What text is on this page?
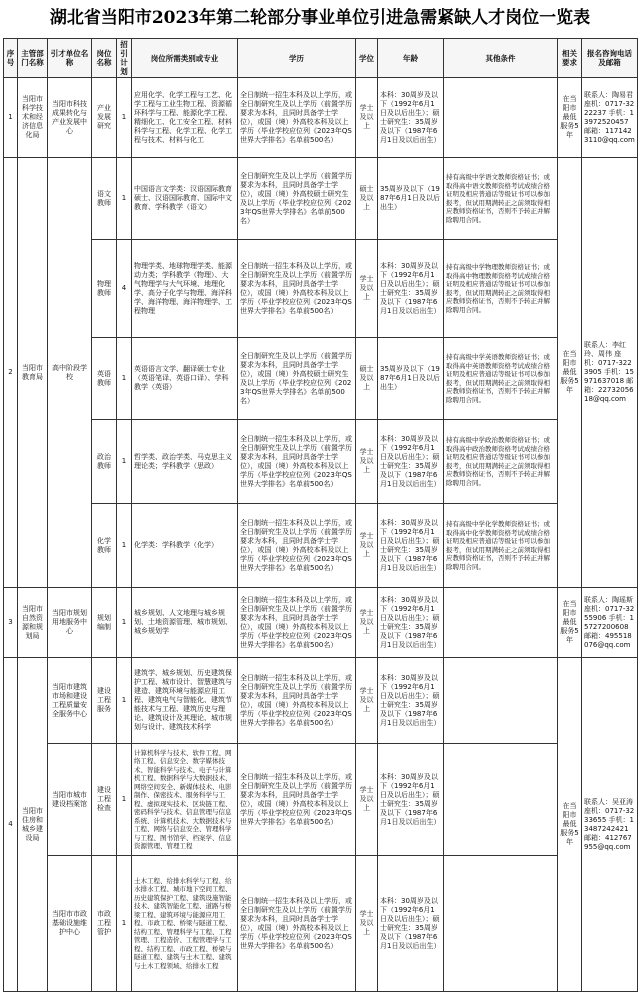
湖北省当阳市2023年第二轮部分事业单位引进急需紧缺人才岗位一览表
序号	主管部门名称	引才单位名称	岗位名称	招引计划	岗位所需类别或专业	学历	学位	年龄	其他条件	相关要求	报名咨询电话及邮箱
1	当阳市科学技术和经济信息化局	当阳市科技成果转化与产业发展中心	产业发展研究	1	应用化学、化学工程与工艺、化学工程与工业生物工程、资源循环科学与工程、能源化学工程、精细化工、化工安全工程、材料科学与工程、化学工程、化学工程与技术、材料与化工	全日制统一招生本科及以上学历，或全日制研究生及以上学历（前置学历要求为本科，且同时具备学士学位），或国（境）外高校本科及以上学历（毕业学校应位列《2023年QS世界大学排名》名单前500名）	学士及以上	本科：30周岁及以下（1992年6月1日及以后出生）；硕士研究生：35周岁及以下（1987年6月1日及以后出生）		在当阳市最低服务5年	联系人：陶易君 座机：0717-3222237 手机：13972520457 邮箱：1171423110@qq.com
2	当阳市教育局	高中阶段学校	语文教师	1	中国语言文学类：汉语国际教育硕士、汉语国际教育、国际中文教育、学科教学（语文）	全日制研究生及以上学历（前置学历要求为本科，且同时具备学士学位），或国（境）外高校硕士研究生及以上学历（毕业学校应位列《2023年QS世界大学排名》名单前500名）	硕士及以上	35周岁及以下（1987年6月1日及以后出生）	持有高级中学语文教师资格证书；或取得高中语文教师资格考试成绩合格证明及相应普通话等级证书可以参加报考，但试用期满转正之前须取得相应教师资格证书，否则不予转正并解除聘用合同。	在当阳市最低服务5年	联系人：李红玲、周伟 座机：0717-3223905 手机：15971637018 邮箱：2273205618@qq.com
			物理教师	4	物理学类、地球物理学类、能源动力类；学科教学（物理）、大气物理学与大气环境、地理化学、高分子化学与物理、海洋科学、海洋物理、海洋物理学、工程物理	全日制统一招生本科及以上学历，或全日制研究生及以上学历（前置学历要求为本科，且同时具备学士学位），或国（境）外高校本科及以上学历（毕业学校应位列《2023年QS世界大学排名》名单前500名）	学士及以上	本科：30周岁及以下（1992年6月1日及以后出生）；硕士研究生：35周岁及以下（1987年6月1日及以后出生）	持有高级中学物理教师资格证书；或取得高中物理教师资格考试成绩合格证明及相应普通话等级证书可以参加报考，但试用期满转正之前须取得相应教师资格证书，否则不予转正并解除聘用合同。		
			英语教师	1	英语语言文学、翻译硕士专业（英语笔译、英语口译）、学科教学（英语）	全日制研究生及以上学历（前置学历要求为本科，且同时具备学士学位），或国（境）外高校硕士研究生及以上学历（毕业学校应位列《2023年QS世界大学排名》名单前500名）	硕士及以上	35周岁及以下（1987年6月1日及以后出生）	持有高级中学英语教师资格证书；或取得高中英语教师资格考试成绩合格证明及相应普通话等级证书可以参加报考，但试用期满转正之前须取得相应教师资格证书，否则不予转正并解除聘用合同。		
			政治教师	1	哲学类、政治学类、马克思主义理论类；学科教学（思政）	全日制统一招生本科及以上学历，或全日制研究生及以上学历（前置学历要求为本科，且同时具备学士学位），或国（境）外高校本科及以上学历（毕业学校应位列《2023年QS世界大学排名》名单前500名）	学士及以上	本科：30周岁及以下（1992年6月1日及以后出生）；硕士研究生：35周岁及以下（1987年6月1日及以后出生）	持有高级中学政治教师资格证书；或取得高中政治教师资格考试成绩合格证明及相应普通话等级证书可以参加报考，但试用期满转正之前须取得相应教师资格证书，否则不予转正并解除聘用合同。		
			化学教师	1	化学类：学科教学（化学）	全日制统一招生本科及以上学历，或全日制研究生及以上学历（前置学历要求为本科，且同时具备学士学位），或国（境）外高校本科及以上学历（毕业学校应位列《2023年QS世界大学排名》名单前500名）	学士及以上	本科：30周岁及以下（1992年6月1日及以后出生）；硕士研究生：35周岁及以下（1987年6月1日及以后出生）	持有高级中学化学教师资格证书；或取得高中化学教师资格考试成绩合格证明及相应普通话等级证书可以参加报考，但试用期满转正之前须取得相应教师资格证书，否则不予转正并解除聘用合同。		
3	当阳市自然资源和规划局	当阳市规划用地服务中心	规划编制	1	城乡规划、人文地理与城乡规划、土地资源管理、城市规划、城乡规划学	全日制统一招生本科及以上学历，或全日制研究生及以上学历（前置学历要求为本科，且同时具备学士学位），或国（境）外高校本科及以上学历（毕业学校应位列《2023年QS世界大学排名》名单前500名）	学士及以上	本科：30周岁及以下（1992年6月1日及以后出生）；硕士研究生：35周岁及以下（1987年6月1日及以后出生）		在当阳市最低服务5年	联系人：陶瑶斯 座机：0717-3255906 手机：15727200608 邮箱：495518076@qq.com
4	当阳市住房和城乡建设局	当阳市建筑市场和建设工程质量安全服务中心	建设工程服务	1	建筑学、城乡规划、历史建筑保护工程、城市设计、智慧建筑与建造、建筑环境与能源应用工程、建筑电气与智能化、建筑节能技术与工程、建筑历史与理论、建筑设计及其理论、城市规划与设计、建筑技术科学	全日制统一招生本科及以上学历，或全日制研究生及以上学历（前置学历要求为本科，且同时具备学士学位），或国（境）外高校本科及以上学历（毕业学校应位列《2023年QS世界大学排名》名单前500名）	学士及以上	本科：30周岁及以下（1992年6月1日及以后出生）；硕士研究生：35周岁及以下（1987年6月1日及以后出生）		在当阳市最低服务5年	联系人：吴亚涛 座机：0717-3233655 手机：13487242421 邮箱：412767955@qq.com
		当阳市城市建设档案馆	建设工程检查	1	计算机科学与技术、软件工程、网络工程、信息安全、数字媒体技术、智能科学与技术、电子与计算机工程、数据科学与大数据技术、网络空间安全、新媒体技术、电影制作、保密技术、服务科学与工程、虚拟现实技术、区块链工程、密码科学与技术、信息管理与信息系统、计算机技术、大数据技术与工程、网络与信息安全、管理科学与工程、图书馆学、档案学、信息资源管理、管理工程	全日制统一招生本科及以上学历，或全日制研究生及以上学历（前置学历要求为本科，且同时具备学士学位），或国（境）外高校本科及以上学历（毕业学校应位列《2023年QS世界大学排名》名单前500名）	学士及以上	本科：30周岁及以下（1992年6月1日及以后出生）；硕士研究生：35周岁及以下（1987年6月1日及以后出生）			
		当阳市市政基础设施维护中心	市政工程管护	1	土木工程、给排水科学与工程、给水排水工程、城市地下空间工程、历史建筑保护工程、建筑设施智能技术、建筑智能化工程、道路与桥梁工程、建筑环境与能源应用工程、市政工程、桥梁与隧道工程、结构工程、管理科学与工程、工程管理、工程造价、工程管理学与工程、结构工程、市政工程、桥梁与隧道工程、建筑与土木工程、建筑与土木工程领域、给排水工程	全日制统一招生本科及以上学历，或全日制研究生及以上学历（前置学历要求为本科，且同时具备学士学位），或国（境）外高校本科及以上学历（毕业学校应位列《2023年QS世界大学排名》名单前500名）	学士及以上	本科：30周岁及以下（1992年6月1日及以后出生）；硕士研究生：35周岁及以下（1987年6月1日及以后出生）			
